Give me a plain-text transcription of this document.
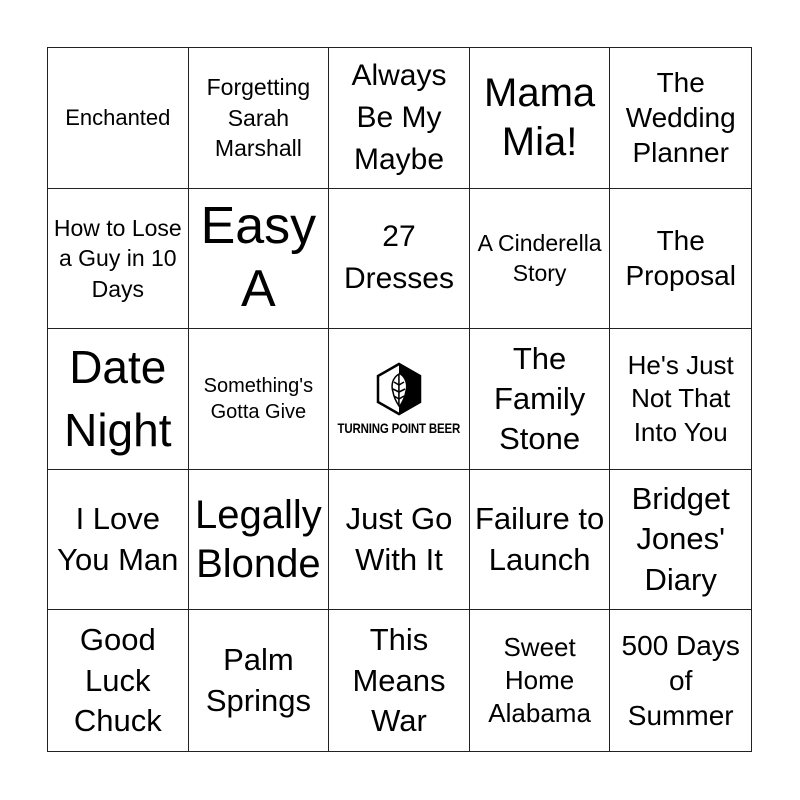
Enchanted
Forgetting Sarah Marshall
Always Be My Maybe
Mama Mia!
The Wedding Planner
How to Lose a Guy in 10 Days
Easy A
27 Dresses
A Cinderella Story
The Proposal
Date Night
Something's Gotta Give
TURNING POINT BEER
The Family Stone
He's Just Not That Into You
I Love You Man
Legally Blonde
Just Go With It
Failure to Launch
Bridget Jones' Diary
Good Luck Chuck
Palm Springs
This Means War
Sweet Home Alabama
500 Days of Summer
